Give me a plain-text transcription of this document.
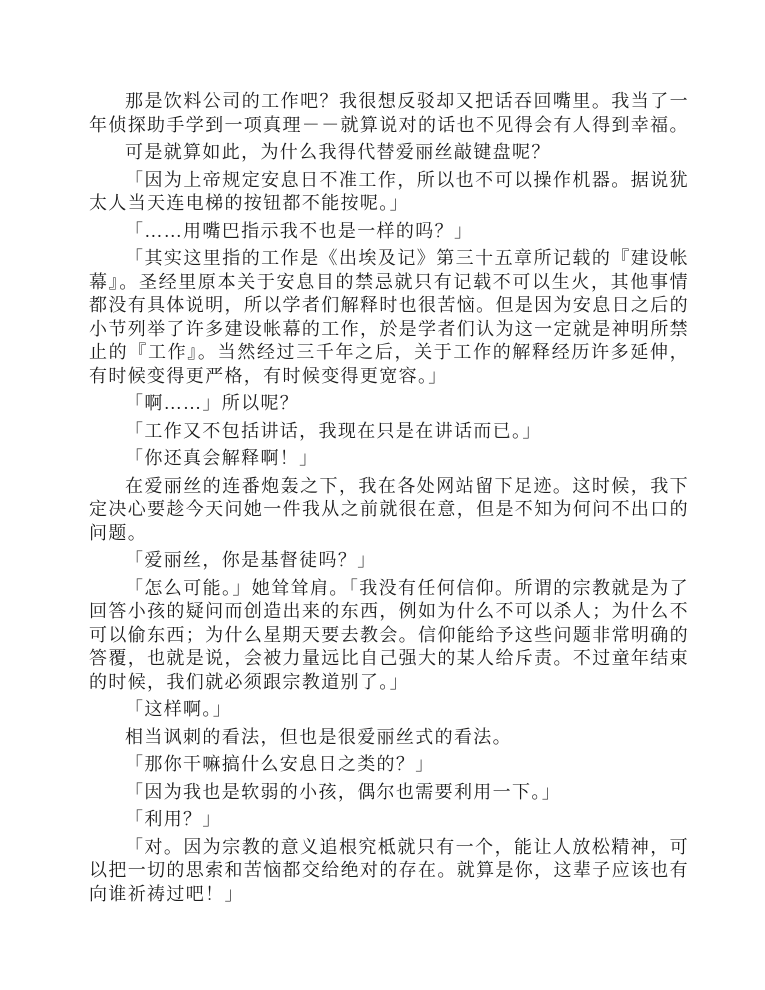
那是饮料公司的工作吧？我很想反驳却又把话吞回嘴里。我当了一年侦探助手学到一项真理－－就算说对的话也不见得会有人得到幸福。

可是就算如此，为什么我得代替爱丽丝敲键盘呢？

「因为上帝规定安息日不准工作，所以也不可以操作机器。据说犹太人当天连电梯的按钮都不能按呢。」

「……用嘴巴指示我不也是一样的吗？」

「其实这里指的工作是《出埃及记》第三十五章所记载的『建设帐幕』。圣经里原本关于安息目的禁忌就只有记载不可以生火，其他事情都没有具体说明，所以学者们解释时也很苦恼。但是因为安息日之后的小节列举了许多建设帐幕的工作，於是学者们认为这一定就是神明所禁止的『工作』。当然经过三千年之后，关于工作的解释经历许多延伸，有时候变得更严格，有时候变得更宽容。」

「啊……」所以呢？

「工作又不包括讲话，我现在只是在讲话而已。」

「你还真会解释啊！」

在爱丽丝的连番炮轰之下，我在各处网站留下足迹。这时候，我下定决心要趁今天问她一件我从之前就很在意，但是不知为何问不出口的问题。

「爱丽丝，你是基督徒吗？」

「怎么可能。」她耸耸肩。「我没有任何信仰。所谓的宗教就是为了回答小孩的疑问而创造出来的东西，例如为什么不可以杀人；为什么不可以偷东西；为什么星期天要去教会。信仰能给予这些问题非常明确的答覆，也就是说，会被力量远比自己强大的某人给斥责。不过童年结束的时候，我们就必须跟宗教道别了。」

「这样啊。」

相当讽刺的看法，但也是很爱丽丝式的看法。

「那你干嘛搞什么安息日之类的？」

「因为我也是软弱的小孩，偶尔也需要利用一下。」

「利用？」

「对。因为宗教的意义追根究柢就只有一个，能让人放松精神，可以把一切的思索和苦恼都交给绝对的存在。就算是你，这辈子应该也有向谁祈祷过吧！」
